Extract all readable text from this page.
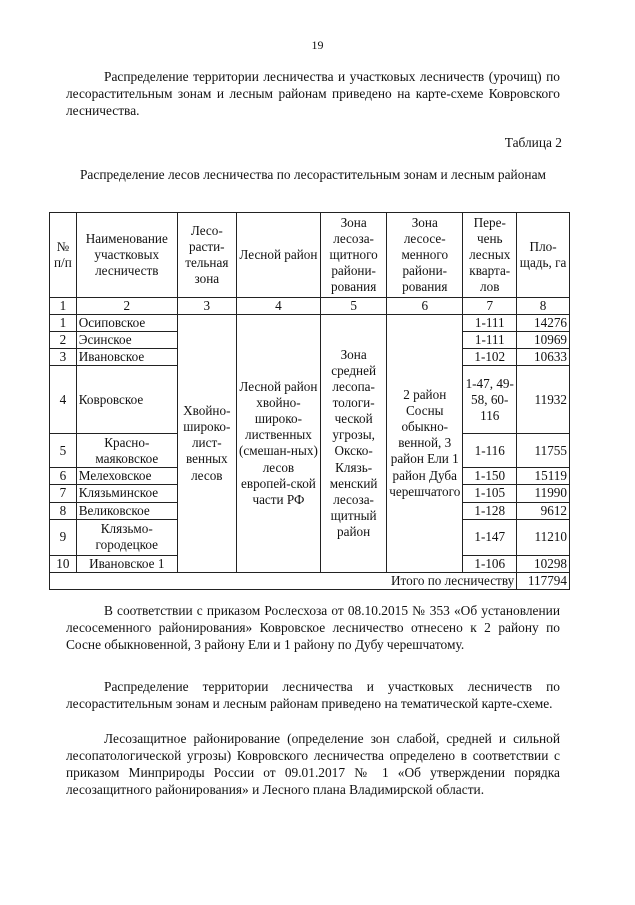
19

Распределение территории лесничества и участковых лесничеств (урочищ) по лесорастительным зонам и лесным районам приведено на карте-схеме Ковровского лесничества.

Таблица 2
Распределение лесов лесничества по лесорастительным зонам и лесным районам
№ п/п	Наименование участковых лесничеств	Лесо-расти-тельная зона	Лесной район	Зона лесоза-щитного райони-рования	Зона лесосе-менного райони-рования	Пере-чень лесных кварта-лов	Пло-щадь, га
1	2	3	4	5	6	7	8
1	Осиповское	Хвойно-широко-лист-венных лесов	Лесной район хвойно-широко-лиственных (смешан-ных) лесов европей-ской части РФ	Зона средней лесопа-тологи-ческой угрозы, Окско-Клязь-менский лесоза-щитный район	2 район Сосны обыкно-венной, 3 район Ели 1 район Дуба черешчатого	1-111	14276
2	Эсинское					1-111	10969
3	Ивановское					1-102	10633
4	Ковровское					1-47, 49-58, 60-116	11932
5	Красно-маяковское					1-116	11755
6	Мелеховское					1-150	15119
7	Клязьминское					1-105	11990
8	Великовское					1-128	9612
9	Клязьмо-городецкое					1-147	11210
10	Ивановское 1					1-106	10298
Итого по лесничеству							117794

В соответствии с приказом Рослесхоза от 08.10.2015 № 353 «Об установлении лесосеменного районирования» Ковровское лесничество отнесено к 2 району по Сосне обыкновенной, 3 району Ели и 1 району по Дубу черешчатому.

Распределение территории лесничества и участковых лесничеств по лесорастительным зонам и лесным районам приведено на тематической карте-схеме.

Лесозащитное районирование (определение зон слабой, средней и сильной лесопатологической угрозы) Ковровского лесничества определено в соответствии с приказом Минприроды России от 09.01.2017 № 1 «Об утверждении порядка лесозащитного районирования» и Лесного плана Владимирской области.
